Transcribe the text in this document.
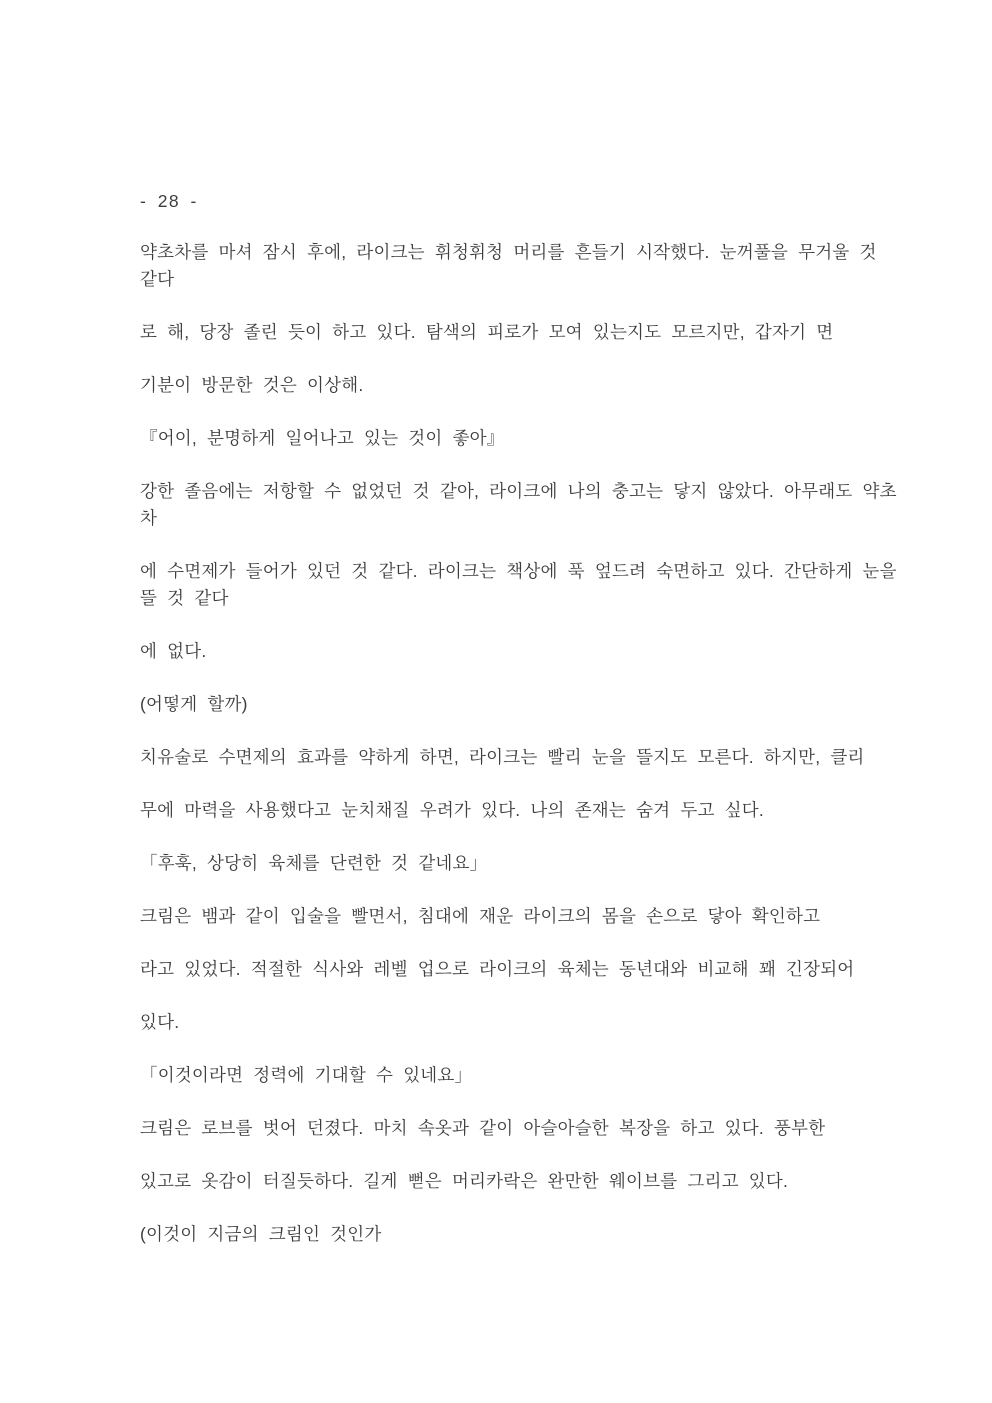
- 28 -

약초차를 마셔 잠시 후에, 라이크는 휘청휘청 머리를 흔들기 시작했다. 눈꺼풀을 무거울 것
같다

로 해, 당장 졸린 듯이 하고 있다. 탐색의 피로가 모여 있는지도 모르지만, 갑자기 면

기분이 방문한 것은 이상해.

『어이, 분명하게 일어나고 있는 것이 좋아』

강한 졸음에는 저항할 수 없었던 것 같아, 라이크에 나의 충고는 닿지 않았다. 아무래도 약초
차

에 수면제가 들어가 있던 것 같다. 라이크는 책상에 푹 엎드려 숙면하고 있다. 간단하게 눈을
뜰 것 같다

에 없다.

(어떻게 할까)

치유술로 수면제의 효과를 약하게 하면, 라이크는 빨리 눈을 뜰지도 모른다. 하지만, 클리

무에 마력을 사용했다고 눈치채질 우려가 있다. 나의 존재는 숨겨 두고 싶다.

「후훅, 상당히 육체를 단련한 것 같네요」

크림은 뱀과 같이 입술을 빨면서, 침대에 재운 라이크의 몸을 손으로 닿아 확인하고

라고 있었다. 적절한 식사와 레벨 업으로 라이크의 육체는 동년대와 비교해 꽤 긴장되어

있다.

「이것이라면 정력에 기대할 수 있네요」

크림은 로브를 벗어 던졌다. 마치 속옷과 같이 아슬아슬한 복장을 하고 있다. 풍부한

있고로 옷감이 터질듯하다. 길게 뻗은 머리카락은 완만한 웨이브를 그리고 있다.

(이것이 지금의 크림인 것인가
